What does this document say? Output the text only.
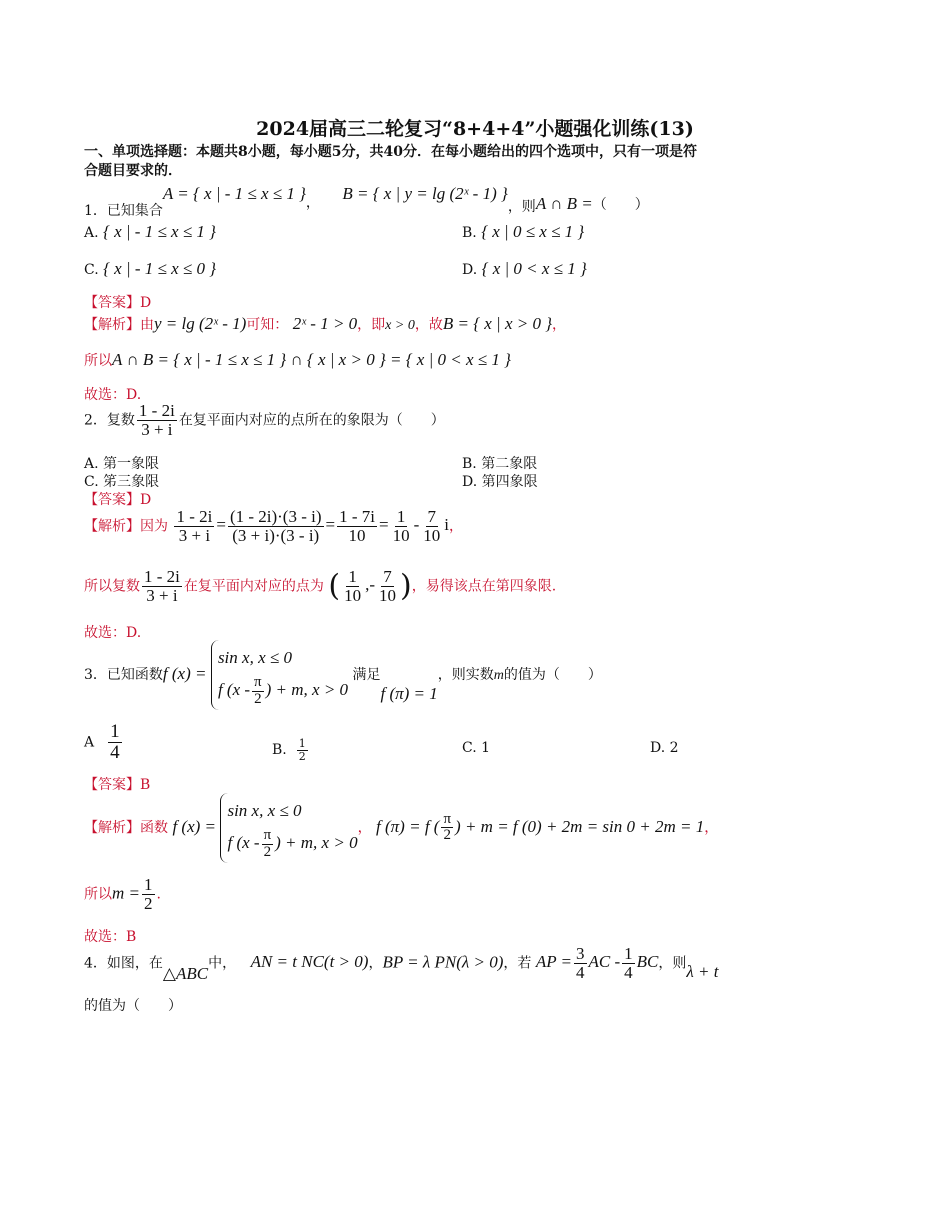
2024届高三二轮复习“8+4+4”小题强化训练(13)
一、单项选择题：本题共8小题，每小题5分，共40分．在每小题给出的四个选项中，只有一项是符
合题目要求的．
1．已知集合A = { x | - 1 ≤ x ≤ 1 }， B = { x | y = lg (2ˣ - 1) }，则A ∩ B =（　　）
A. { x | - 1 ≤ x ≤ 1 }	B. { x | 0 ≤ x ≤ 1 }
C. { x | - 1 ≤ x ≤ 0 }	D. { x | 0 < x ≤ 1 }
【答案】D
【解析】由y = lg (2ˣ - 1)可知： 2ˣ - 1 > 0，即x > 0，故B = { x | x > 0 }，
所以A ∩ B = { x | - 1 ≤ x ≤ 1 } ∩ { x | x > 0 } = { x | 0 < x ≤ 1 }
故选：D.
2．复数 $\frac{1 - 2i}{3 + i}$ 在复平面内对应的点所在的象限为（　　）
A. 第一象限	B. 第二象限
C. 笫三象限	D. 第四象限
【答案】D
【解析】因为 $\frac{1 - 2i}{3 + i} = \frac{(1 - 2i)\cdot(3 - i)}{(3 + i)\cdot(3 - i)} = \frac{1 - 7i}{10} = \frac{1}{10} - \frac{7}{10}$ i，
所以复数 $\frac{1 - 2i}{3 + i}$ 在复平面内对应的点为 ( $\frac{1}{10}$ ,- $\frac{7}{10}$ )，易得该点在第四象限.
故选：D.
3．已知函数f (x) =
sin x, x ≤ 0
f ($x - \frac{\pi}{2}$ ) + m, x > 0
满足f (π) = 1，则实数m的值为（　　）
A $\frac{1}{4}$	B. $\frac{1}{2}$	C. 1	D. 2
【答案】B
【解析】函数 f (x) =
sin x, x ≤ 0
f ($x - \frac{\pi}{2}$ ) + m, x > 0
， f (π) = f ( $\frac{\pi}{2}$ ) + m = f (0) + 2m = sin 0 + 2m = 1，
所以$m = \frac{1}{2}$ .
故选：B
4．如图，在△ABC中， AN = t NC(t > 0)，BP = λ PN(λ > 0)，若 AP = $\frac{3}{4}$ AC - $\frac{1}{4}$ BC，则λ + t
的值为（　　）
